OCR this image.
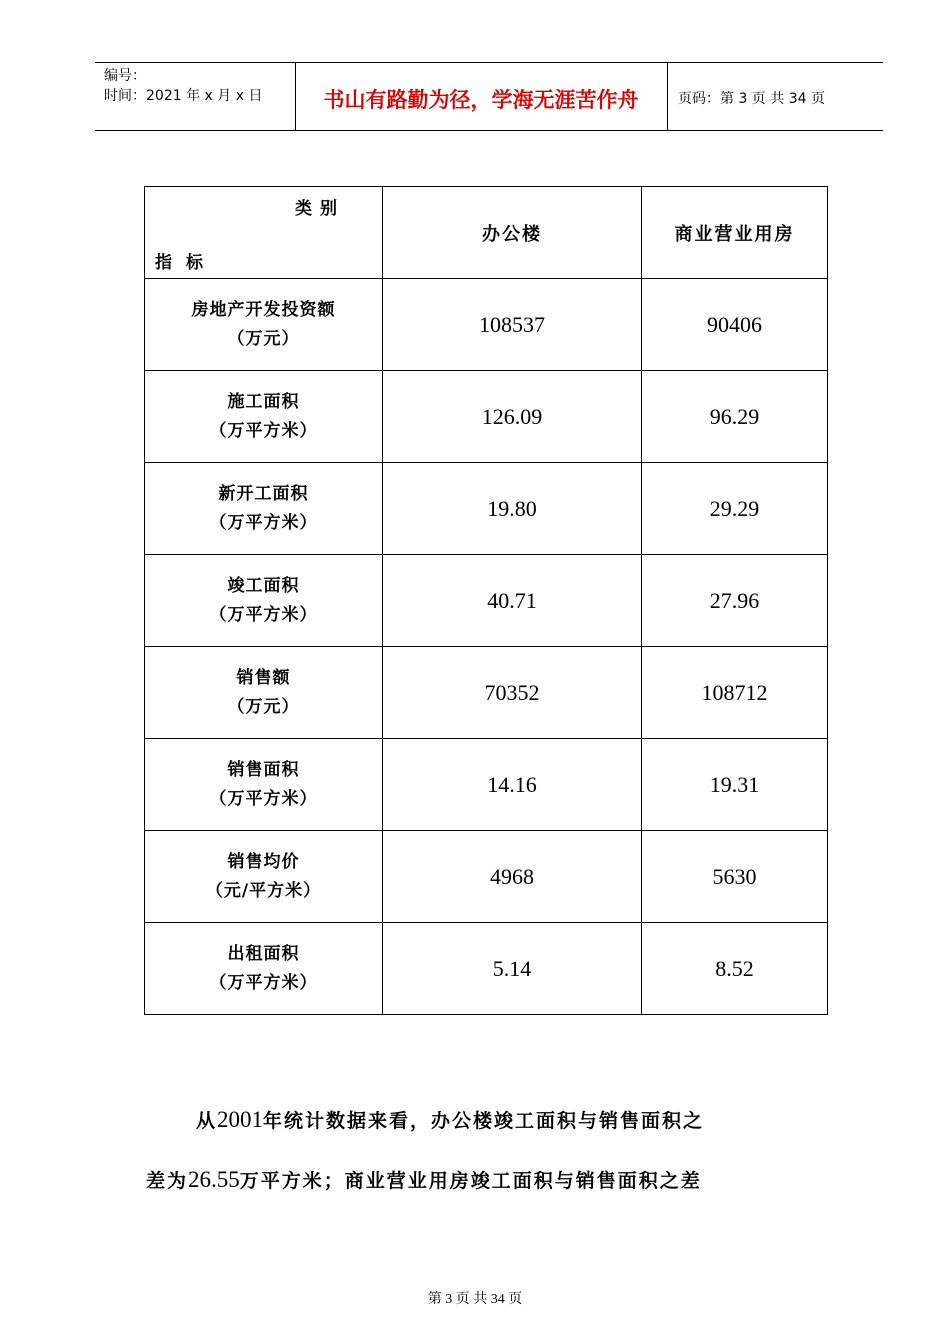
编号：
时间：2021 年 x 月 x 日	书山有路勤为径，学海无涯苦作舟	页码：第 3 页 共 34 页
类别
指标	办公楼	商业营业用房

房地产开发投资额
（万元）	108537	90406

施工面积
（万平方米）	126.09	96.29

新开工面积
（万平方米）	19.80	29.29

竣工面积
（万平方米）	40.71	27.96

销售额
（万元）	70352	108712

销售面积
（万平方米）	14.16	19.31

销售均价
（元/平方米）	4968	5630

出租面积
（万平方米）	5.14	8.52
从2001年统计数据来看，办公楼竣工面积与销售面积之
差为26.55万平方米；商业营业用房竣工面积与销售面积之差
第 3 页 共 34 页
